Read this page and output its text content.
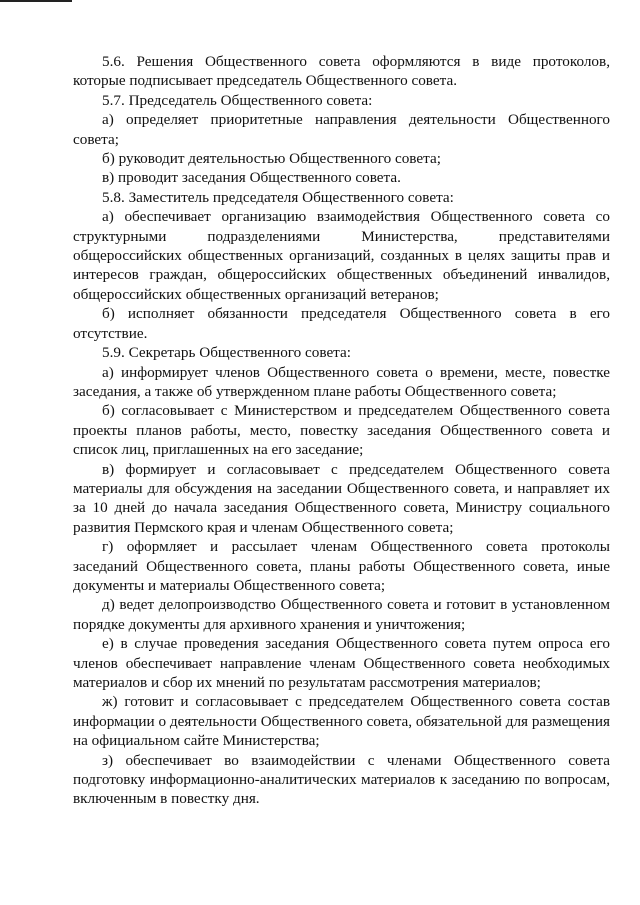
5.6. Решения Общественного совета оформляются в виде протоколов, которые подписывает председатель Общественного совета.

5.7. Председатель Общественного совета:

а) определяет приоритетные направления деятельности Общественного совета;

б) руководит деятельностью Общественного совета;

в) проводит заседания Общественного совета.

5.8. Заместитель председателя Общественного совета:

а) обеспечивает организацию взаимодействия Общественного совета со структурными подразделениями Министерства, представителями общероссийских общественных организаций, созданных в целях защиты прав и интересов граждан, общероссийских общественных объединений инвалидов, общероссийских общественных организаций ветеранов;

б) исполняет обязанности председателя Общественного совета в его отсутствие.

5.9. Секретарь Общественного совета:

а) информирует членов Общественного совета о времени, месте, повестке заседания, а также об утвержденном плане работы Общественного совета;

б) согласовывает с Министерством и председателем Общественного совета проекты планов работы, место, повестку заседания Общественного совета и список лиц, приглашенных на его заседание;

в) формирует и согласовывает с председателем Общественного совета материалы для обсуждения на заседании Общественного совета, и направляет их за 10 дней до начала заседания Общественного совета, Министру социального развития Пермского края и членам Общественного совета;

г) оформляет и рассылает членам Общественного совета протоколы заседаний Общественного совета, планы работы Общественного совета, иные документы и материалы Общественного совета;

д) ведет делопроизводство Общественного совета и готовит в установленном порядке документы для архивного хранения и уничтожения;

е) в случае проведения заседания Общественного совета путем опроса его членов обеспечивает направление членам Общественного совета необходимых материалов и сбор их мнений по результатам рассмотрения материалов;

ж) готовит и согласовывает с председателем Общественного совета состав информации о деятельности Общественного совета, обязательной для размещения на официальном сайте Министерства;

з) обеспечивает во взаимодействии с членами Общественного совета подготовку информационно-аналитических материалов к заседанию по вопросам, включенным в повестку дня.
